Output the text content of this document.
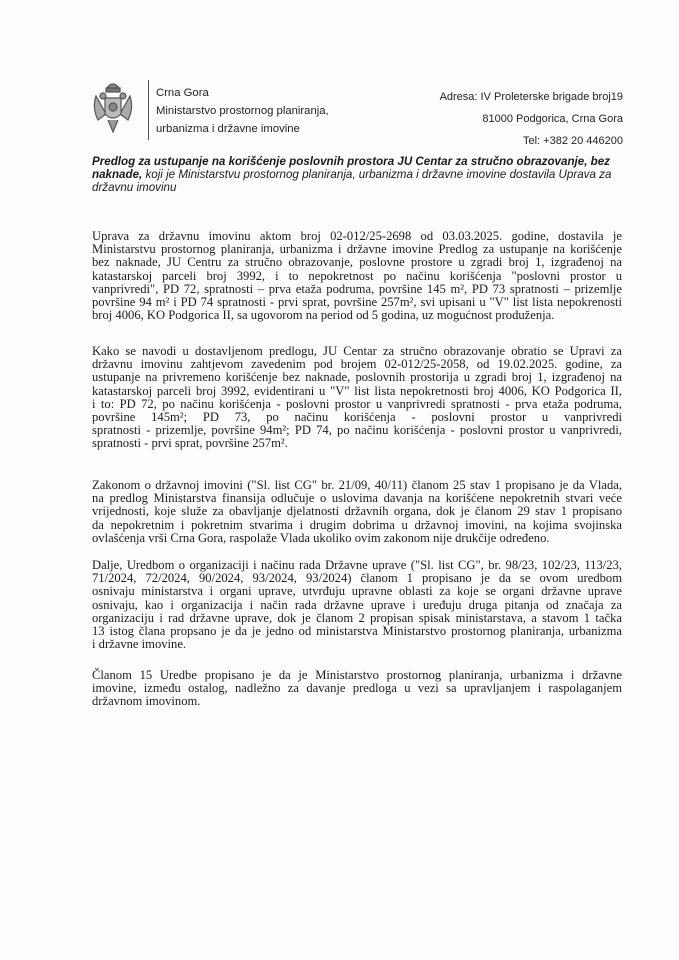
Crna Gora
Ministarstvo prostornog planiranja,
urbanizma i državne imovine
Adresa: IV Proleterske brigade broj19
81000 Podgorica, Crna Gora
Tel: +382 20 446200
Predlog za ustupanje na korišćenje poslovnih prostora JU Centar za stručno obrazovanje, bez
naknade, koji je Ministarstvu prostornog planiranja, urbanizma i državne imovine dostavila Uprava za
državnu imovinu
Uprava za državnu imovinu aktom broj 02-012/25-2698 od 03.03.2025. godine, dostavila je
Ministarstvu prostornog planiranja, urbanizma i državne imovine Predlog za ustupanje na korišćenje
bez naknade, JU Centru za stručno obrazovanje, poslovne prostore u zgradi broj 1, izgrađenoj na
katastarskoj parceli broj 3992, i to nepokretnost po načinu korišćenja "poslovni prostor u
vanprivredi", PD 72, spratnosti – prva etaža podruma, površine 145 m², PD 73 spratnosti – prizemlje
površine 94 m² i PD 74 spratnosti - prvi sprat, površine 257m², svi upisani u "V" list lista nepokrenosti
broj 4006, KO Podgorica II, sa ugovorom na period od 5 godina, uz mogućnost produženja.
Kako se navodi u dostavljenom predlogu, JU Centar za stručno obrazovanje obratio se Upravi za
državnu imovinu zahtjevom zavedenim pod brojem 02-012/25-2058, od 19.02.2025. godine, za
ustupanje na privremeno korišćenje bez naknade, poslovnih prostorija u zgradi broj 1, izgrađenoj na
katastarskoj parceli broj 3992, evidentirani u "V" list lista nepokretnosti broj 4006, KO Podgorica II,
i to: PD 72, po načinu korišćenja - poslovni prostor u vanprivredi spratnosti - prva etaža podruma,
površine 145m²; PD 73, po načinu korišćenja - poslovni prostor u vanprivredi
spratnosti - prizemlje, površine 94m²; PD 74, po načinu korišćenja - poslovni prostor u vanprivredi,
spratnosti - prvi sprat, površine 257m².
Zakonom o državnoj imovini ("Sl. list CG" br. 21/09, 40/11) članom 25 stav 1 propisano je da Vlada,
na predlog Ministarstva finansija odlučuje o uslovima davanja na korišćene nepokretnih stvari veće
vrijednosti, koje služe za obavljanje djelatnosti državnih organa, dok je članom 29 stav 1 propisano
da nepokretnim i pokretnim stvarima i drugim dobrima u državnoj imovini, na kojima svojinska
ovlašćenja vrši Crna Gora, raspolaže Vlada ukoliko ovim zakonom nije drukčije određeno.
Dalje, Uredbom o organizaciji i načinu rada Državne uprave ("Sl. list CG", br. 98/23, 102/23, 113/23,
71/2024, 72/2024, 90/2024, 93/2024, 93/2024) članom 1 propisano je da se ovom uredbom
osnivaju ministarstva i organi uprave, utvrđuju upravne oblasti za koje se organi državne uprave
osnivaju, kao i organizacija i način rada državne uprave i uređuju druga pitanja od značaja za
organizaciju i rad državne uprave, dok je članom 2 propisan spisak ministarstava, a stavom 1 tačka
13 istog člana propsano je da je jedno od ministarstva Ministarstvo prostornog planiranja, urbanizma
i državne imovine.
Članom 15 Uredbe propisano je da je Ministarstvo prostornog planiranja, urbanizma i državne
imovine, između ostalog, nadležno za davanje predloga u vezi sa upravljanjem i raspolaganjem
državnom imovinom.
